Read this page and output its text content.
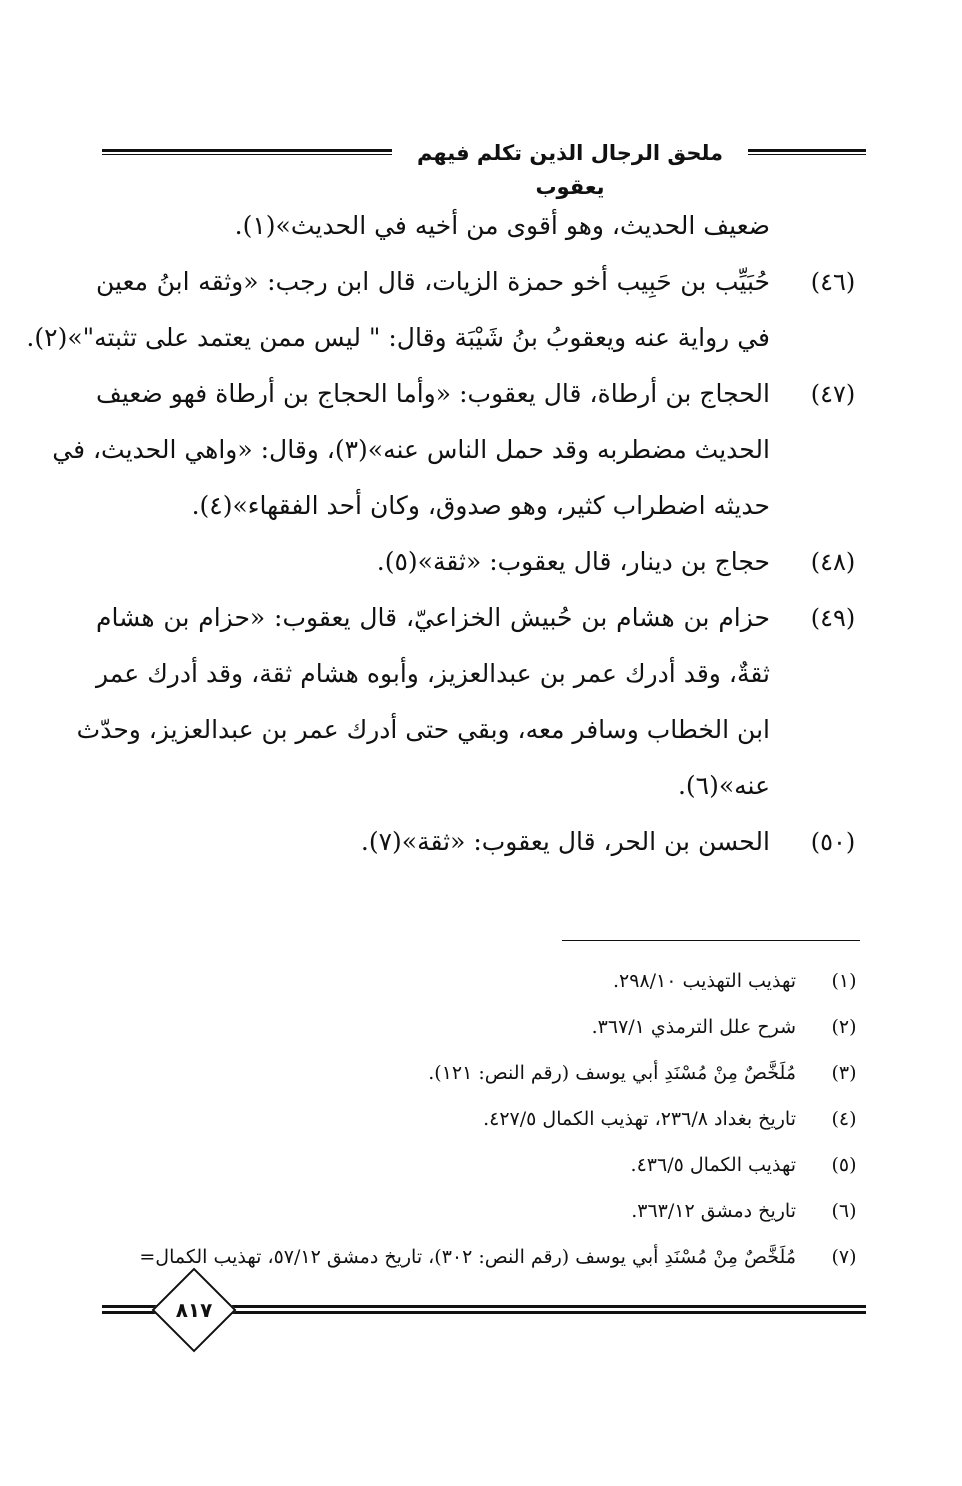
ملحق الرجال الذين تكلم فيهم يعقوب
ضعيف الحديث، وهو أقوى من أخيه في الحديث»(١).
(٤٦)
حُبَيِّب بن حَبِيب أخو حمزة الزيات، قال ابن رجب: «وثقه ابنُ معين
في رواية عنه ويعقوبُ بنُ شَيْبَة وقال: " ليس ممن يعتمد على تثبته"»(٢).
(٤٧)
الحجاج بن أرطاة، قال يعقوب: «وأما الحجاج بن أرطاة فهو ضعيف
الحديث مضطربه وقد حمل الناس عنه»(٣)، وقال: «واهي الحديث، في
حديثه اضطراب كثير، وهو صدوق، وكان أحد الفقهاء»(٤).
(٤٨)
حجاج بن دينار، قال يعقوب: «ثقة»(٥).
(٤٩)
حزام بن هشام بن حُبيش الخزاعيّ، قال يعقوب: «حزام بن هشام
ثقةٌ، وقد أدرك عمر بن عبدالعزيز، وأبوه هشام ثقة، وقد أدرك عمر
ابن الخطاب وسافر معه، وبقي حتى أدرك عمر بن عبدالعزيز، وحدّث
عنه»(٦).
(٥٠)
الحسن بن الحر، قال يعقوب: «ثقة»(٧).
(١)
تهذيب التهذيب ٢٩٨/١٠.
(٢)
شرح علل الترمذي ٣٦٧/١.
(٣)
مُلَخَّصٌ مِنْ مُسْنَدِ أبي يوسف (رقم النص: ١٢١).
(٤)
تاريخ بغداد ٢٣٦/٨، تهذيب الكمال ٤٢٧/٥.
(٥)
تهذيب الكمال ٤٣٦/٥.
(٦)
تاريخ دمشق ٣٦٣/١٢.
(٧)
مُلَخَّصٌ مِنْ مُسْنَدِ أبي يوسف (رقم النص: ٣٠٢)، تاريخ دمشق ٥٧/١٢، تهذيب الكمال=
٨١٧
